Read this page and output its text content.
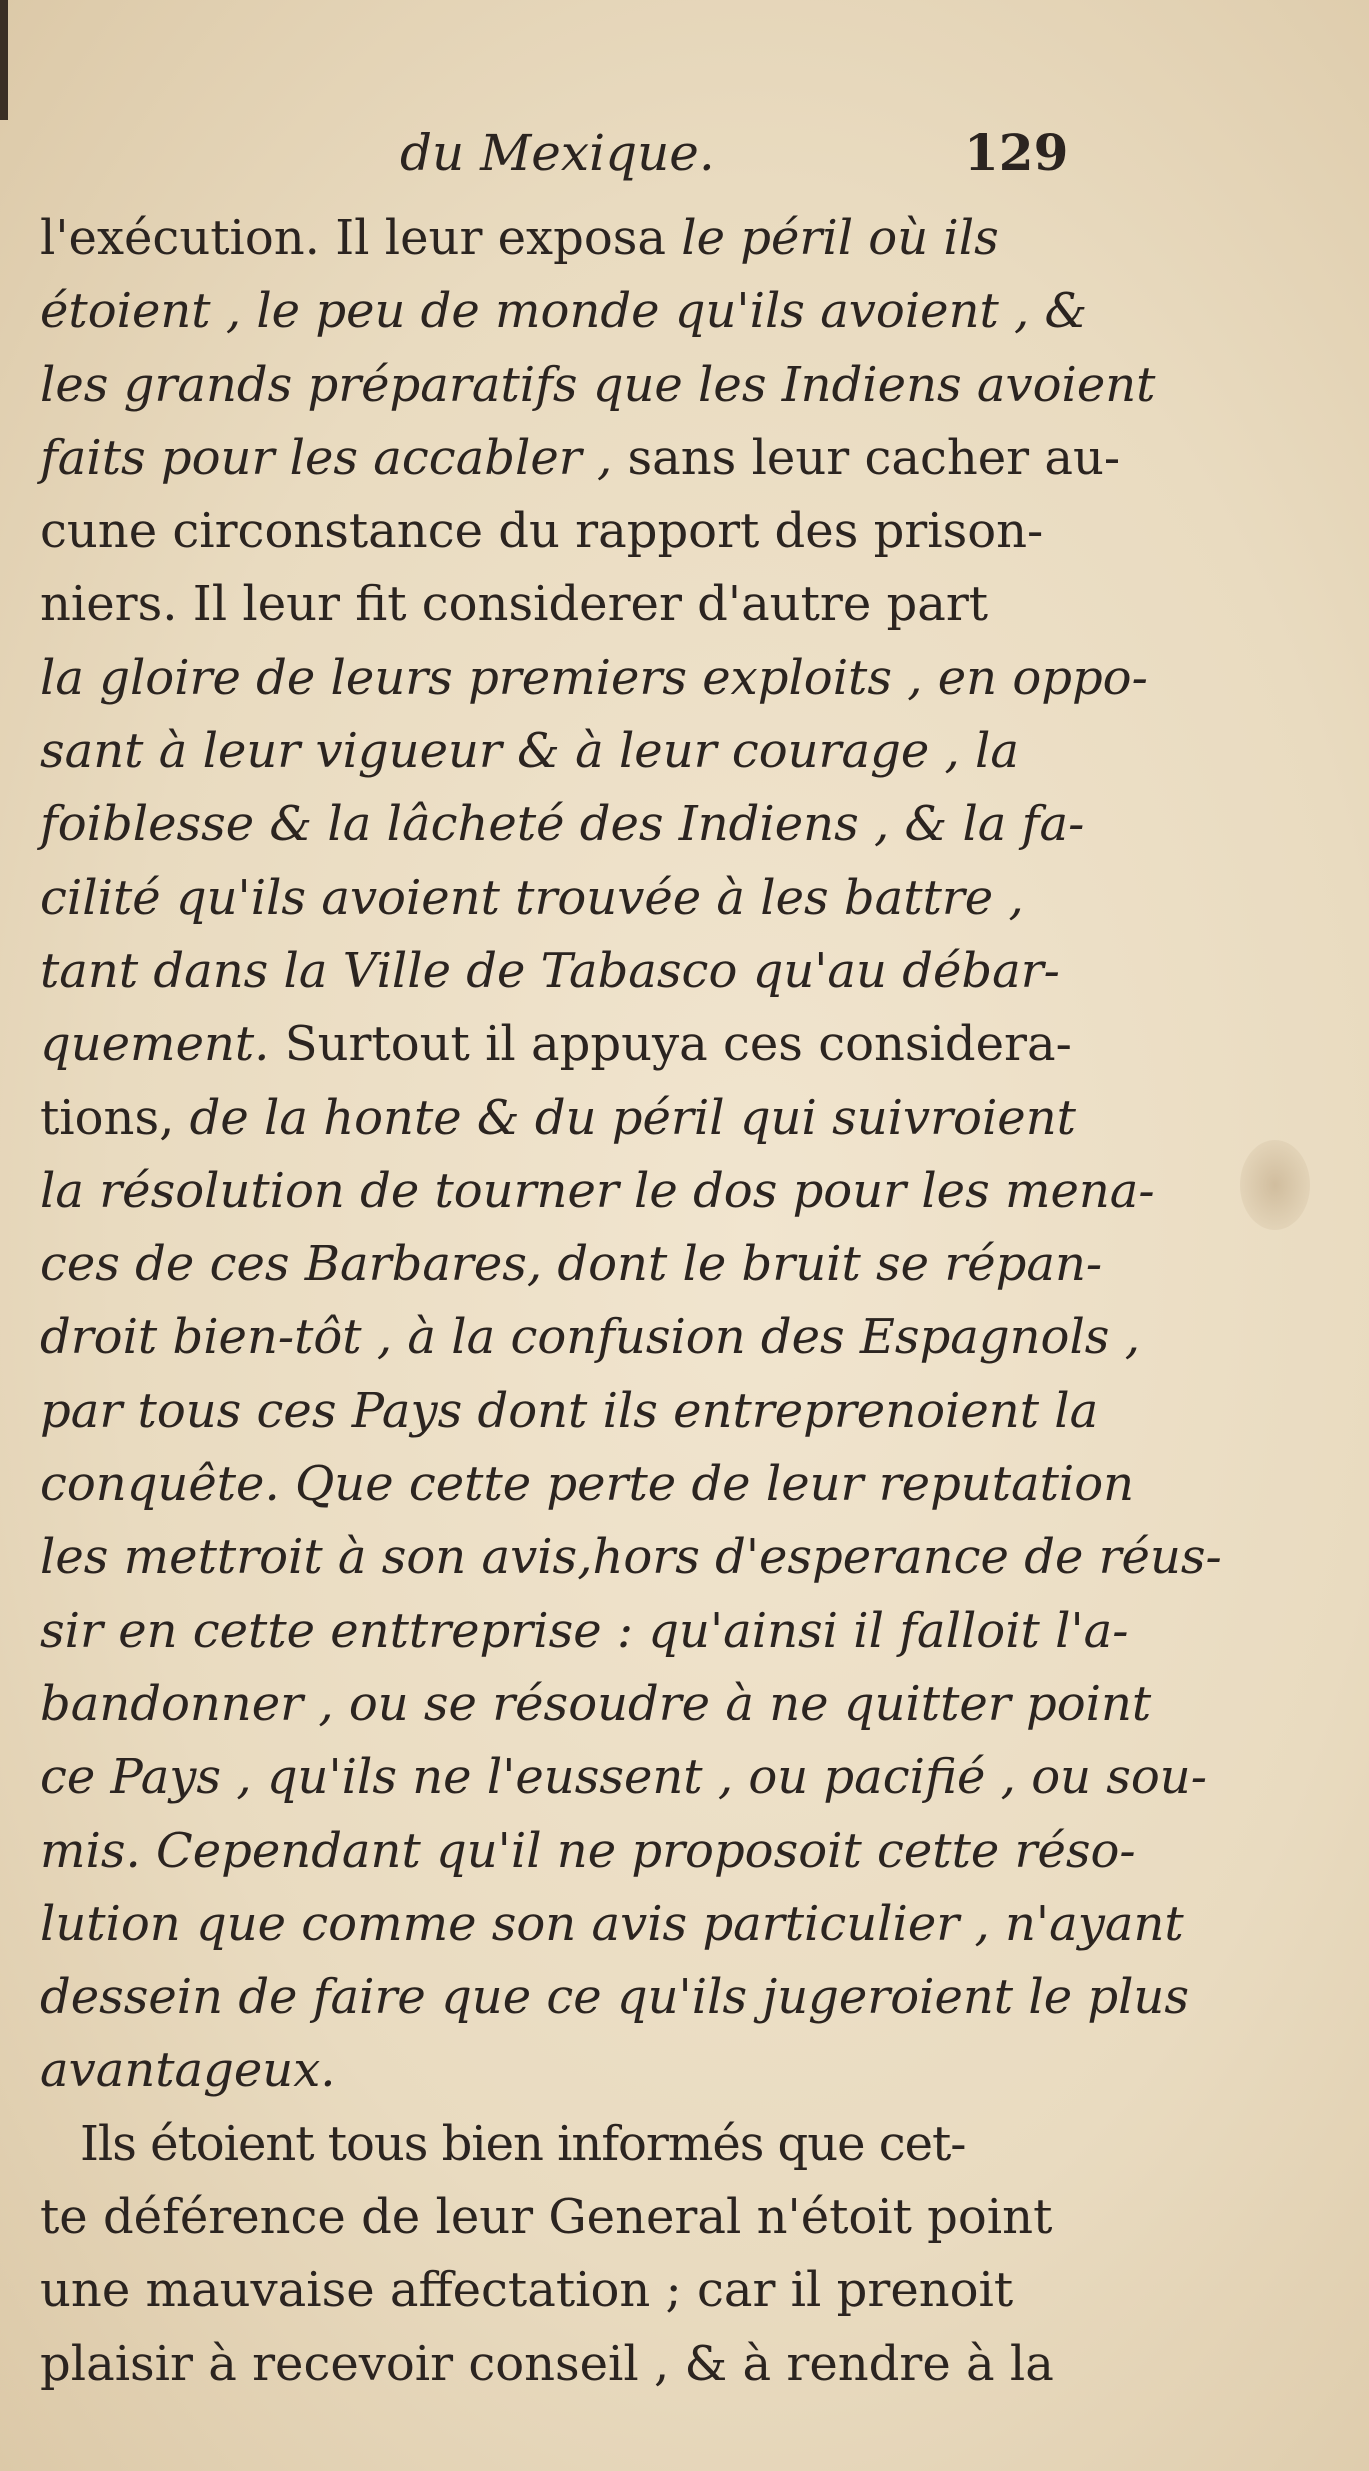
du Mexique.	129
l'exécution. Il leur exposa le péril où ils
étoient , le peu de monde qu'ils avoient , &
les grands préparatifs que les Indiens avoient
faits pour les accabler , sans leur cacher au-
cune circonstance du rapport des prison-
niers. Il leur fit considerer d'autre part
la gloire de leurs premiers exploits , en oppo-
sant à leur vigueur & à leur courage , la
foiblesse & la lâcheté des Indiens , & la fa-
cilité qu'ils avoient trouvée à les battre ,
tant dans la Ville de Tabasco qu'au débar-
quement. Surtout il appuya ces considera-
tions, de la honte & du péril qui suivroient
la résolution de tourner le dos pour les mena-
ces de ces Barbares, dont le bruit se répan-
droit bien-tôt , à la confusion des Espagnols ,
par tous ces Pays dont ils entreprenoient la
conquête. Que cette perte de leur reputation
les mettroit à son avis,hors d'esperance de réus-
sir en cette enttreprise : qu'ainsi il falloit l'a-
bandonner , ou se résoudre à ne quitter point
ce Pays , qu'ils ne l'eussent , ou pacifié , ou sou-
mis. Cependant qu'il ne proposoit cette réso-
lution que comme son avis particulier , n'ayant
dessein de faire que ce qu'ils jugeroient le plus
avantageux.
Ils étoient tous bien informés que cet-
te déférence de leur General n'étoit point
une mauvaise affectation ; car il prenoit
plaisir à recevoir conseil , & à rendre à la
